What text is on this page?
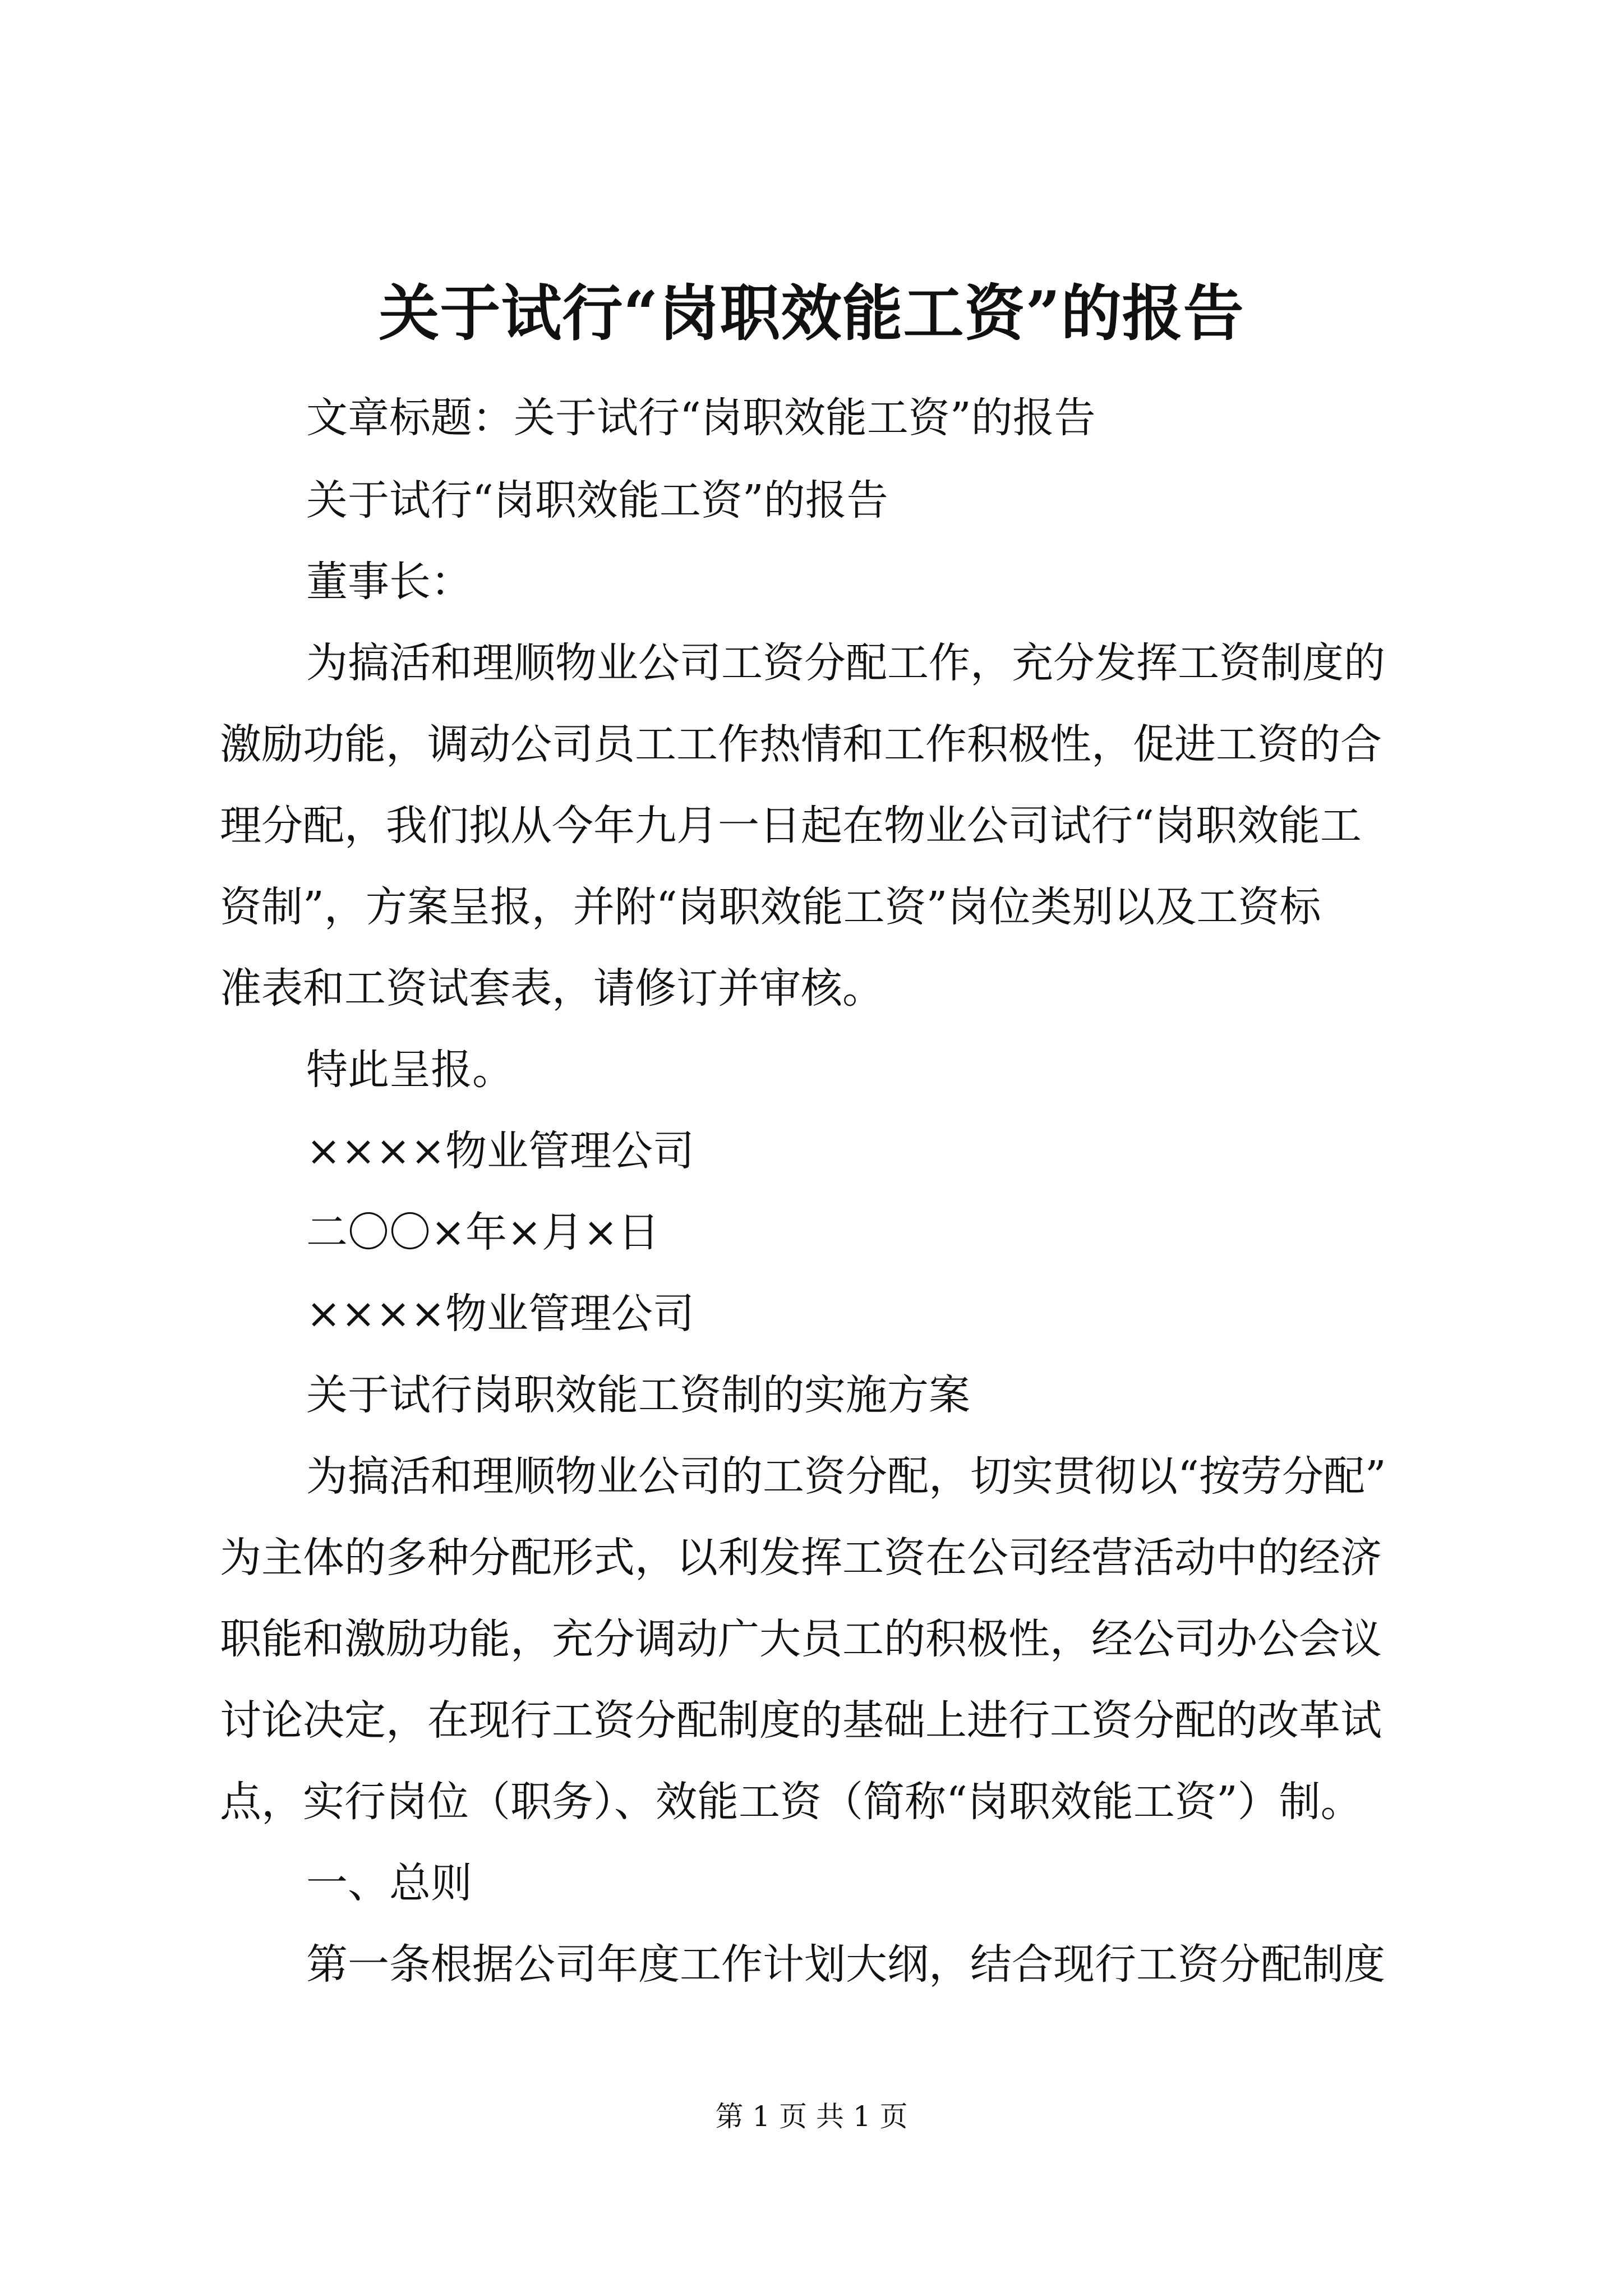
关于试行“岗职效能工资”的报告
文章标题：关于试行“岗职效能工资”的报告
关于试行“岗职效能工资”的报告
董事长：
为搞活和理顺物业公司工资分配工作，充分发挥工资制度的
激励功能，调动公司员工工作热情和工作积极性，促进工资的合
理分配，我们拟从今年九月一日起在物业公司试行“岗职效能工
资制”，方案呈报，并附“岗职效能工资”岗位类别以及工资标
准表和工资试套表，请修订并审核。
特此呈报。
××××物业管理公司
二〇〇×年×月×日
××××物业管理公司
关于试行岗职效能工资制的实施方案
为搞活和理顺物业公司的工资分配，切实贯彻以“按劳分配”
为主体的多种分配形式，以利发挥工资在公司经营活动中的经济
职能和激励功能，充分调动广大员工的积极性，经公司办公会议
讨论决定，在现行工资分配制度的基础上进行工资分配的改革试
点，实行岗位（职务）、效能工资（简称“岗职效能工资”）制。
一、总则
第一条根据公司年度工作计划大纲，结合现行工资分配制度
第 1 页 共 1 页
